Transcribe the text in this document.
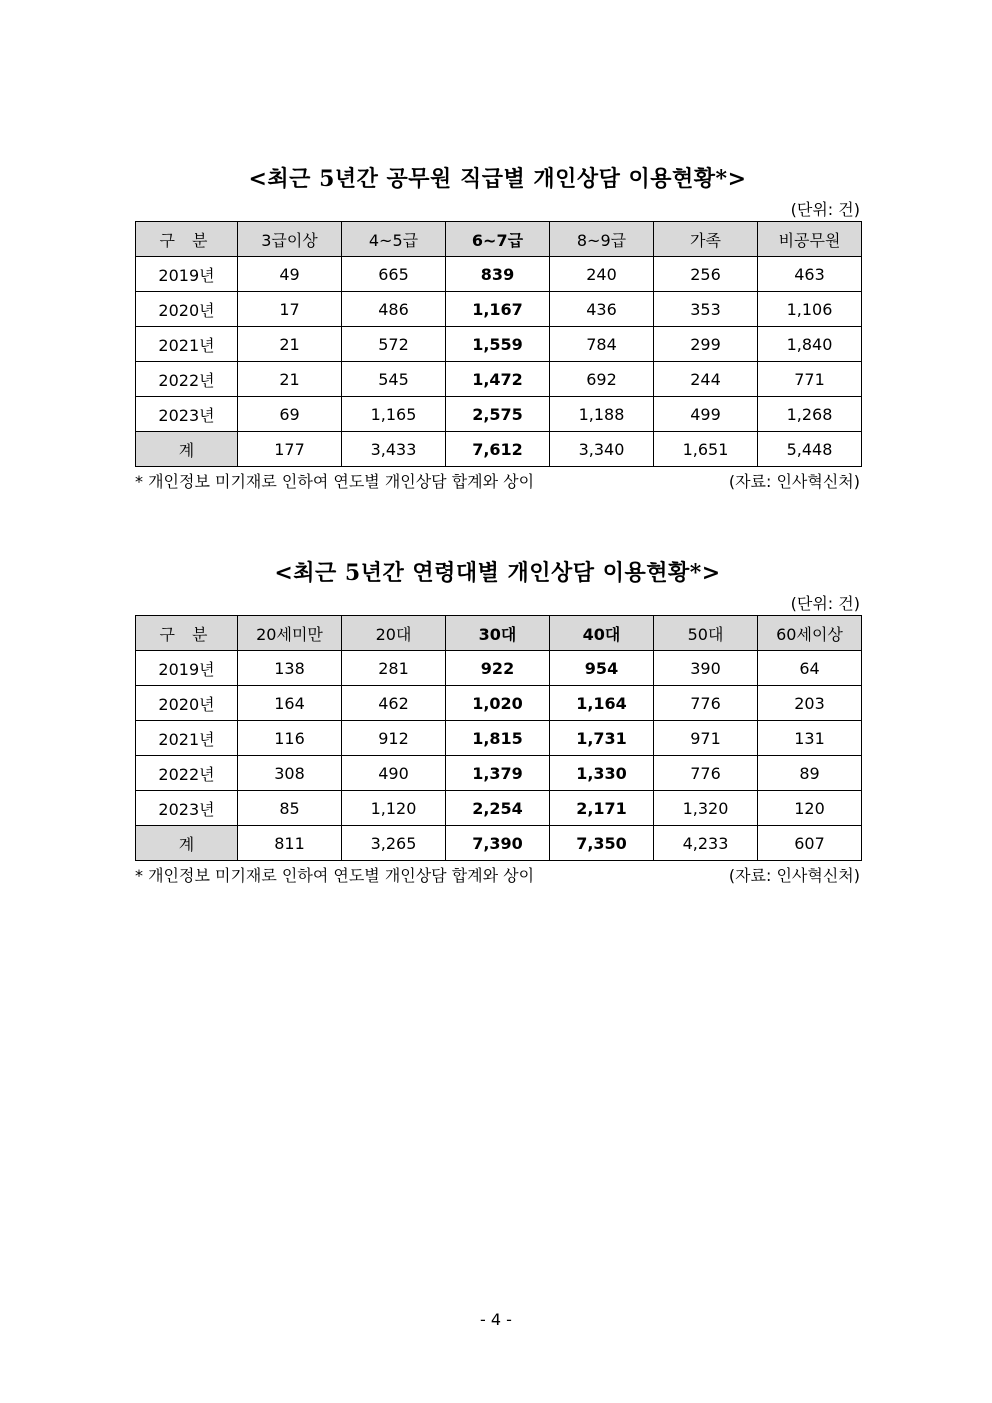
<최근 5년간 공무원 직급별 개인상담 이용현황*>
(단위: 건)
구 분	3급이상	4~5급	6~7급	8~9급	가족	비공무원
2019년	49	665	839	240	256	463
2020년	17	486	1,167	436	353	1,106
2021년	21	572	1,559	784	299	1,840
2022년	21	545	1,472	692	244	771
2023년	69	1,165	2,575	1,188	499	1,268
계	177	3,433	7,612	3,340	1,651	5,448
* 개인정보 미기재로 인하여 연도별 개인상담 합계와 상이	(자료: 인사혁신처)
<최근 5년간 연령대별 개인상담 이용현황*>
(단위: 건)
구 분	20세미만	20대	30대	40대	50대	60세이상
2019년	138	281	922	954	390	64
2020년	164	462	1,020	1,164	776	203
2021년	116	912	1,815	1,731	971	131
2022년	308	490	1,379	1,330	776	89
2023년	85	1,120	2,254	2,171	1,320	120
계	811	3,265	7,390	7,350	4,233	607
* 개인정보 미기재로 인하여 연도별 개인상담 합계와 상이	(자료: 인사혁신처)
- 4 -
